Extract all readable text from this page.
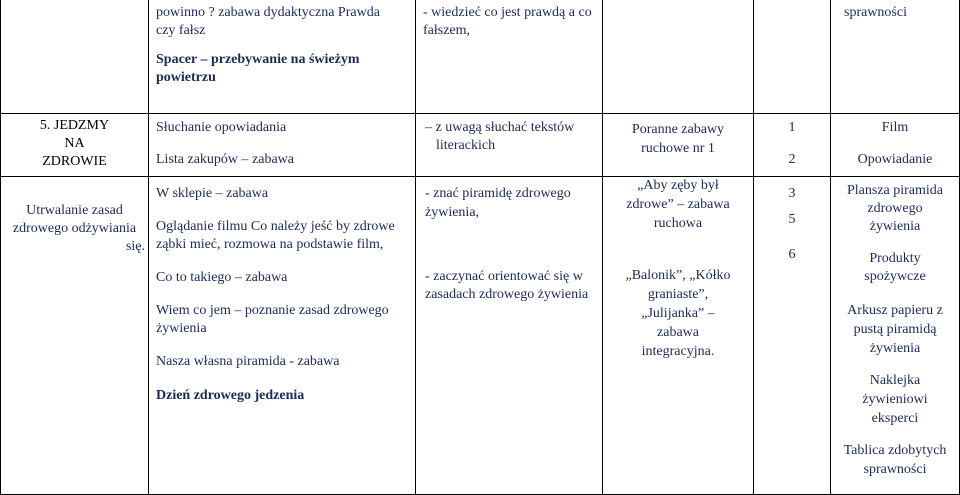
powinno ? zabawa dydaktyczna Prawda
czy fałsz
- wiedzieć co jest prawdą a co
fałszem,
sprawności
Spacer – przebywanie na świeżym
powietrzu
5. JEDZMY
NA
ZDROWIE
Słuchanie opowiadania
Lista zakupów – zabawa
– z uwagą słuchać tekstów
literackich
Poranne zabawy
ruchowe nr 1
1
2
Film
Opowiadanie
Utrwalanie zasad
zdrowego odżywiania
się.
W sklepie – zabawa
Oglądanie filmu Co należy jeść by zdrowe
ząbki mieć, rozmowa na podstawie film,
Co to takiego – zabawa
Wiem co jem – poznanie zasad zdrowego
żywienia
Nasza własna piramida - zabawa
Dzień zdrowego jedzenia
- znać piramidę zdrowego
żywienia,
- zaczynać orientować się w
zasadach zdrowego żywienia
„Aby zęby był
zdrowe” – zabawa
ruchowa
„Balonik”, „Kółko
graniaste”,
„Julijanka” –
zabawa
integracyjna.
3
5
6
Plansza piramida
zdrowego
żywienia
Produkty
spożywcze
Arkusz papieru z
pustą piramidą
żywienia
Naklejka
żywieniowi
eksperci
Tablica zdobytych
sprawności
